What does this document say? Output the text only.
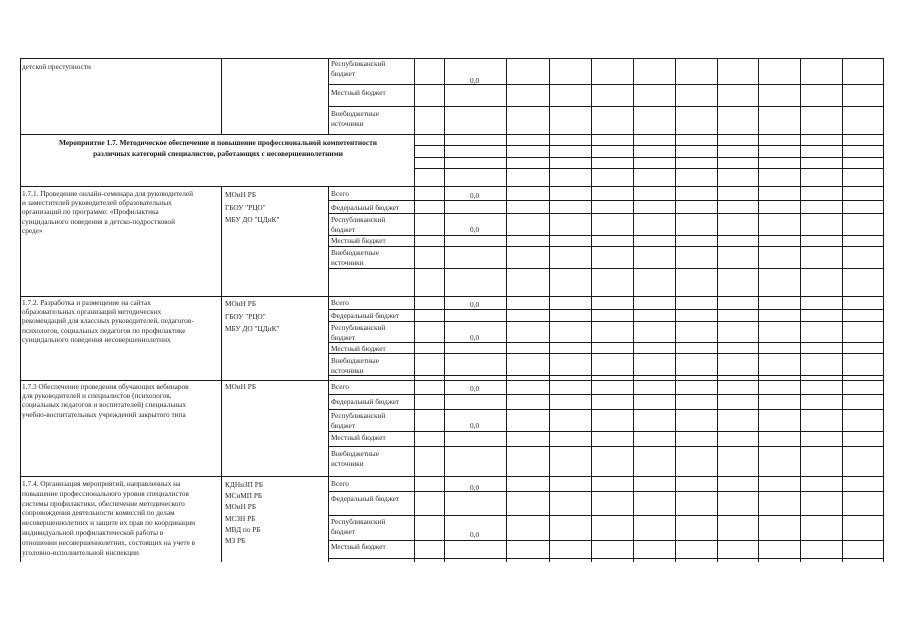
детской преступности	Республиканский
бюджет
Местный бюджет
Внебюджетные
источники
0,0
Мероприятие 1.7. Методическое обеспечение и повышение профессиональной компетентности
различных категорий специалистов, работающих с несовершеннолетними
1.7.1. Проведение онлайн-семинара для руководителей
и заместителей руководителей образовательных
организаций по программе: «Профилактика
суицидального поведения в детско-подростковой
среде»
МОиН РБ
ГБОУ "РЦО"
МБУ ДО "ЦДиК"
Всего
Федеральный бюджет
Республиканский
бюджет
Местный бюджет
Внебюджетные
источники
0,0
0,0
1.7.2. Разработка и размещение на сайтах
образовательных организаций методических
рекомендаций для классных руководителей, педагогов-
психологов, социальных педагогов по профилактике
суицидального поведения несовершеннолетних
МОиН РБ
ГБОУ "РЦО"
МБУ ДО "ЦДиК"
Всего
Федеральный бюджет
Республиканский
бюджет
Местный бюджет
Внебюджетные
источники
0,0
0,0
1.7.3 Обеспечение проведения обучающих вебинаров
для руководителей и специалистов (психологов,
социальных педагогов и воспитателей) специальных
учебно-воспитательных учреждений закрытого типа
МОиН РБ	Всего
Федеральный бюджет
Республиканский
бюджет
Местный бюджет
Внебюджетные
источники
0,0
0,0
1.7.4. Организация мероприятий, направленных на
повышение профессионального уровня специалистов
системы профилактики, обеспечение методического
сопровождения деятельности комиссий по делам
несовершеннолетних и защите их прав по координации
индивидуальной профилактической работы в
отношении несовершеннолетних, состоящих на учете в
уголовно-исполнительной инспекции
КДНиЗП РБ
МСиМП РБ
МОиН РБ
МСЗН РБ
МВД по РБ
МЗ РБ
Всего
Федеральный бюджет
Республиканский
бюджет
Местный бюджет
0,0
0,0
